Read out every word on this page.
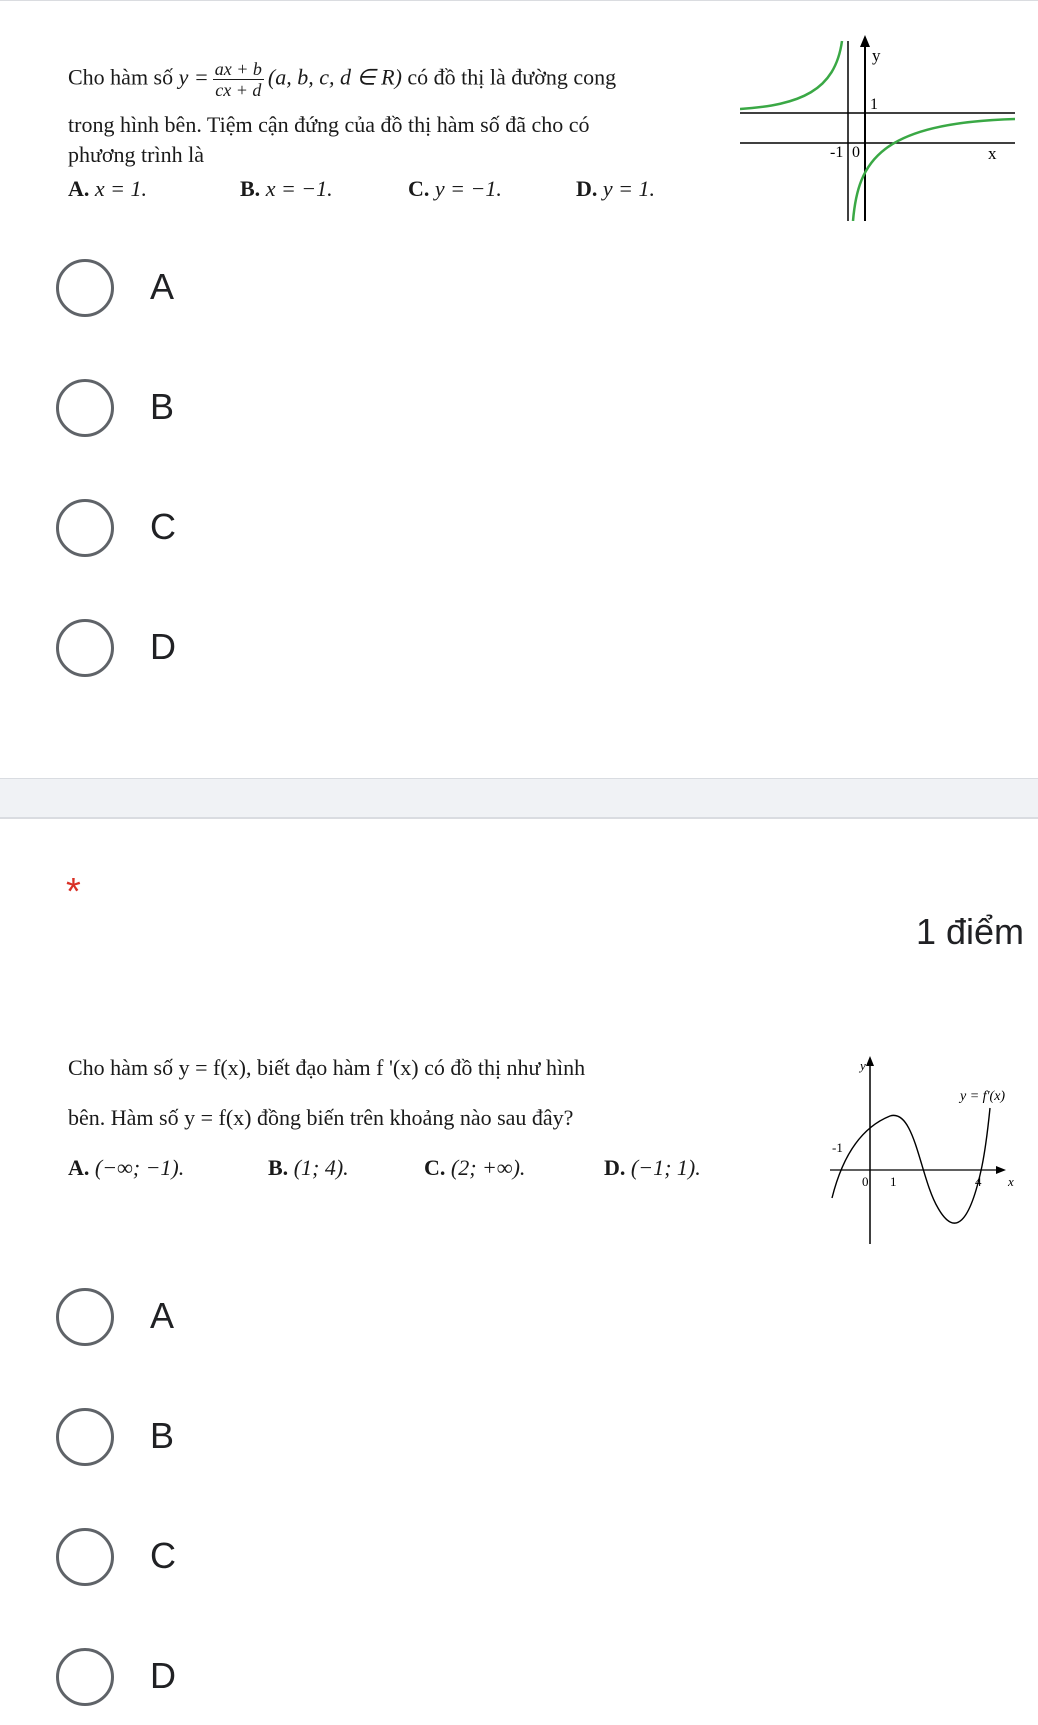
Cho hàm số $y = \frac{ax + b}{cx + d} (a$, b, c, d ∈ R) có đồ thị là đường cong
trong hình bên. Tiệm cận đứng của đồ thị hàm số đã cho có
phương trình là
A. x = 1.	B. x = −1.	C. y = −1.	D. y = 1.
y
x
1
-1 0
A
B
C
D
*
1 điểm
Cho hàm số y = f(x), biết đạo hàm f '(x) có đồ thị như hình
bên. Hàm số y = f(x) đồng biến trên khoảng nào sau đây?
A. (−∞; −1).	B. (1; 4).	C. (2; +∞).	D. (−1; 1).
y
x
y = f'(x)
-1
0 1	4
A
B
C
D
